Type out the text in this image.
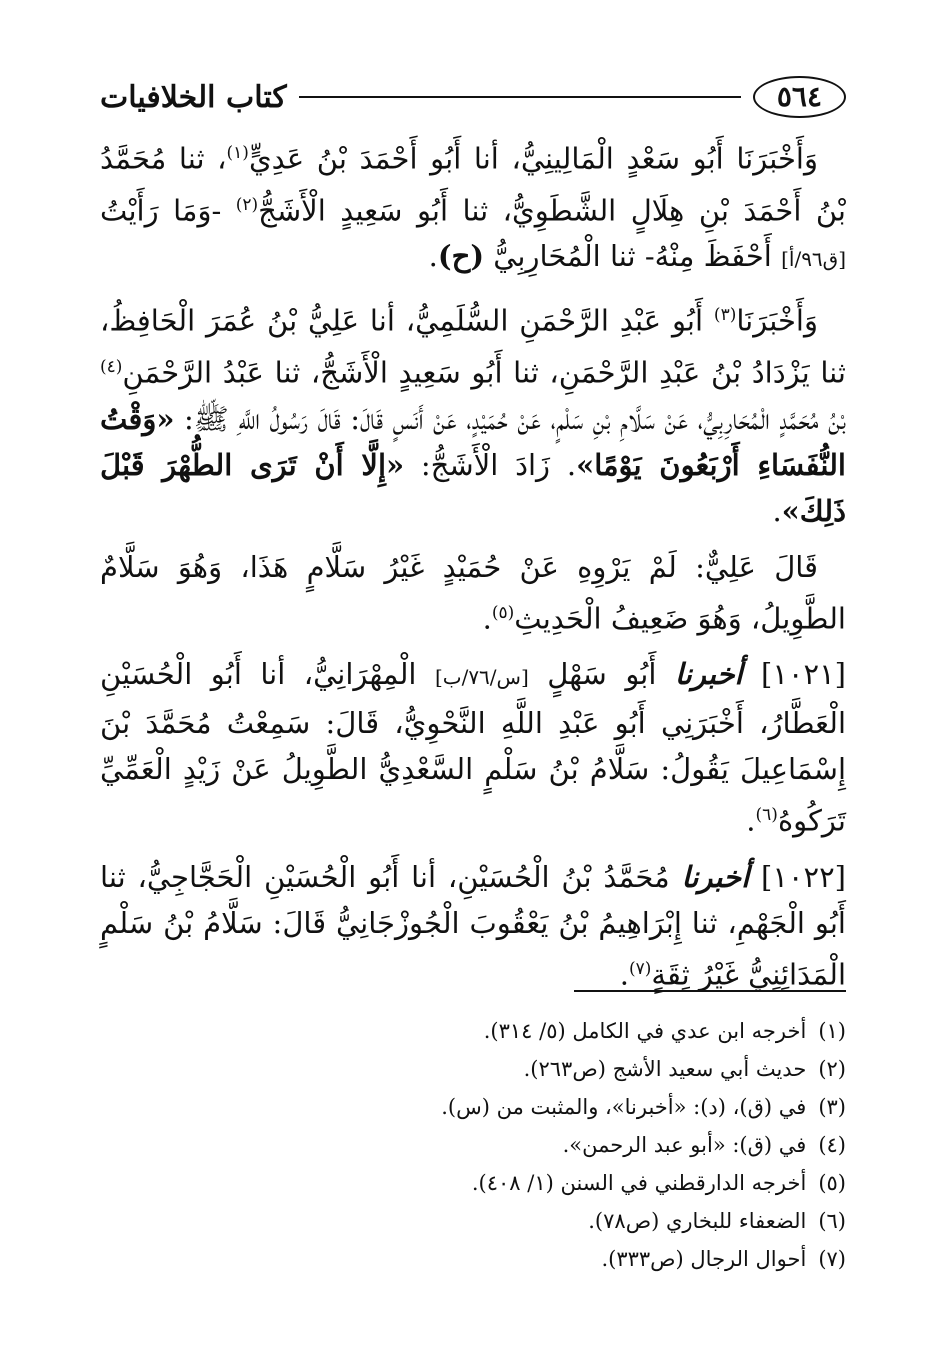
٥٦٤
كتاب الخلافيات

وَأَخْبَرَنَا أَبُو سَعْدٍ الْمَالِينِيُّ، أنا أَبُو أَحْمَدَ بْنُ عَدِيٍّ$^{(١)}$، ثنا مُحَمَّدُ بْنُ أَحْمَدَ بْنِ هِلَالٍ الشَّطَوِيُّ، ثنا أَبُو سَعِيدٍ الْأَشَجُّ$^{(٢)}$ -وَمَا رَأَيْتُ [ق٩٦/أ] أَحْفَظَ مِنْهُ- ثنا الْمُحَارِبِيُّ (ح).

وَأَخْبَرَنَا$^{(٣)}$ أَبُو عَبْدِ الرَّحْمَنِ السُّلَمِيُّ، أنا عَلِيُّ بْنُ عُمَرَ الْحَافِظُ، ثنا يَزْدَادُ بْنُ عَبْدِ الرَّحْمَنِ، ثنا أَبُو سَعِيدٍ الْأَشَجُّ، ثنا عَبْدُ الرَّحْمَنِ$^{(٤)}$ بْنُ مُحَمَّدٍ الْمُحَارِبِيُّ، عَنْ سَلَّامِ بْنِ سَلْمٍ، عَنْ حُمَيْدٍ، عَنْ أَنَسٍ قَالَ: قَالَ رَسُولُ اللَّهِ ﷺ: «وَقْتُ النُّفَسَاءِ أَرْبَعُونَ يَوْمًا». زَادَ الْأَشَجُّ: «إِلَّا أَنْ تَرَى الطُّهْرَ قَبْلَ ذَلِكَ».

قَالَ عَلِيٌّ: لَمْ يَرْوِهِ عَنْ حُمَيْدٍ غَيْرُ سَلَّامٍ هَذَا، وَهُوَ سَلَّامٌ الطَّوِيلُ، وَهُوَ ضَعِيفُ الْحَدِيثِ$^{(٥)}$.

[١٠٢١] أخبرنا أَبُو سَهْلٍ [س/٧٦/ب] الْمِهْرَانِيُّ، أنا أَبُو الْحُسَيْنِ الْعَطَّارُ، أَخْبَرَنِي أَبُو عَبْدِ اللَّهِ النَّحْوِيُّ، قَالَ: سَمِعْتُ مُحَمَّدَ بْنَ إِسْمَاعِيلَ يَقُولُ: سَلَّامُ بْنُ سَلْمٍ السَّعْدِيُّ الطَّوِيلُ عَنْ زَيْدٍ الْعَمِّيِّ تَرَكُوهُ$^{(٦)}$.

[١٠٢٢] أخبرنا مُحَمَّدُ بْنُ الْحُسَيْنِ، أنا أَبُو الْحُسَيْنِ الْحَجَّاجِيُّ، ثنا أَبُو الْجَهْمِ، ثنا إِبْرَاهِيمُ بْنُ يَعْقُوبَ الْجُوزْجَانِيُّ قَالَ: سَلَّامُ بْنُ سَلْمٍ الْمَدَائِنِيُّ غَيْرُ ثِقَةٍ$^{(٧)}$.

(١)
أخرجه ابن عدي في الكامل (٥/ ٣١٤).
(٢)
حديث أبي سعيد الأشج (ص٢٦٣).
(٣)
في (ق)، (د): «أخبرنا»، والمثبت من (س).
(٤)
في (ق): «أبو عبد الرحمن».
(٥)
أخرجه الدارقطني في السنن (١/ ٤٠٨).
(٦)
الضعفاء للبخاري (ص٧٨).
(٧)
أحوال الرجال (ص٣٣٣).
